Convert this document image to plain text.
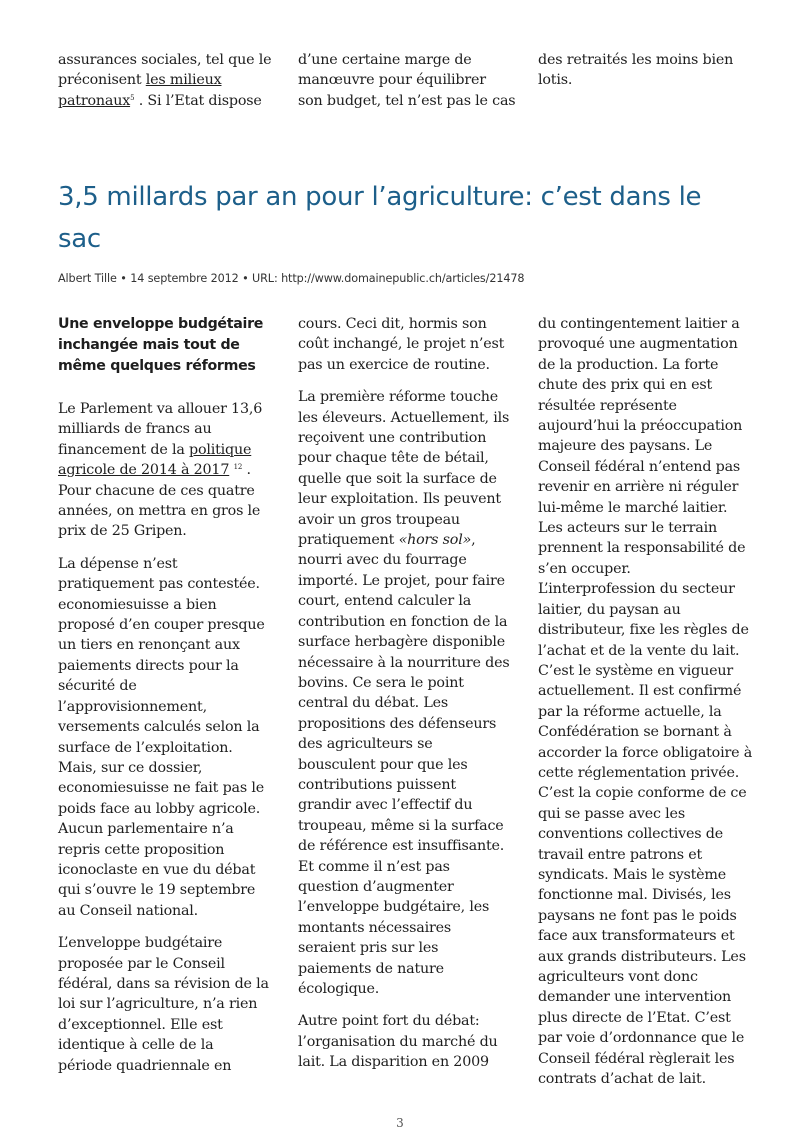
assurances sociales, tel que le
préconisent les milieux
patronaux$^5$ . Si l’Etat dispose
d’une certaine marge de
manœuvre pour équilibrer
son budget, tel n’est pas le cas
des retraités les moins bien
lotis.
3,5 millards par an pour l’agriculture: c’est dans le
sac

Albert Tille • 14 septembre 2012 • URL: http://www.domainepublic.ch/articles/21478

Une enveloppe budgétaire
inchangée mais tout de
même quelques réformes

Le Parlement va allouer 13,6
milliards de francs au
financement de la politique
agricole de 2014 à 2017 $^{12}$ .
Pour chacune de ces quatre
années, on mettra en gros le
prix de 25 Gripen.

La dépense n’est
pratiquement pas contestée.
economiesuisse a bien
proposé d’en couper presque
un tiers en renonçant aux
paiements directs pour la
sécurité de
l’approvisionnement,
versements calculés selon la
surface de l’exploitation.
Mais, sur ce dossier,
economiesuisse ne fait pas le
poids face au lobby agricole.
Aucun parlementaire n’a
repris cette proposition
iconoclaste en vue du débat
qui s’ouvre le 19 septembre
au Conseil national.

L’enveloppe budgétaire
proposée par le Conseil
fédéral, dans sa révision de la
loi sur l’agriculture, n’a rien
d’exceptionnel. Elle est
identique à celle de la
période quadriennale en

cours. Ceci dit, hormis son
coût inchangé, le projet n’est
pas un exercice de routine.

La première réforme touche
les éleveurs. Actuellement, ils
reçoivent une contribution
pour chaque tête de bétail,
quelle que soit la surface de
leur exploitation. Ils peuvent
avoir un gros troupeau
pratiquement «hors sol»,
nourri avec du fourrage
importé. Le projet, pour faire
court, entend calculer la
contribution en fonction de la
surface herbagère disponible
nécessaire à la nourriture des
bovins. Ce sera le point
central du débat. Les
propositions des défenseurs
des agriculteurs se
bousculent pour que les
contributions puissent
grandir avec l’effectif du
troupeau, même si la surface
de référence est insuffisante.
Et comme il n’est pas
question d’augmenter
l’enveloppe budgétaire, les
montants nécessaires
seraient pris sur les
paiements de nature
écologique.

Autre point fort du débat:
l’organisation du marché du
lait. La disparition en 2009

du contingentement laitier a
provoqué une augmentation
de la production. La forte
chute des prix qui en est
résultée représente
aujourd’hui la préoccupation
majeure des paysans. Le
Conseil fédéral n’entend pas
revenir en arrière ni réguler
lui-même le marché laitier.
Les acteurs sur le terrain
prennent la responsabilité de
s’en occuper.
L’interprofession du secteur
laitier, du paysan au
distributeur, fixe les règles de
l’achat et de la vente du lait.
C’est le système en vigueur
actuellement. Il est confirmé
par la réforme actuelle, la
Confédération se bornant à
accorder la force obligatoire à
cette réglementation privée.
C’est la copie conforme de ce
qui se passe avec les
conventions collectives de
travail entre patrons et
syndicats. Mais le système
fonctionne mal. Divisés, les
paysans ne font pas le poids
face aux transformateurs et
aux grands distributeurs. Les
agriculteurs vont donc
demander une intervention
plus directe de l’Etat. C’est
par voie d’ordonnance que le
Conseil fédéral règlerait les
contrats d’achat de lait.

3
